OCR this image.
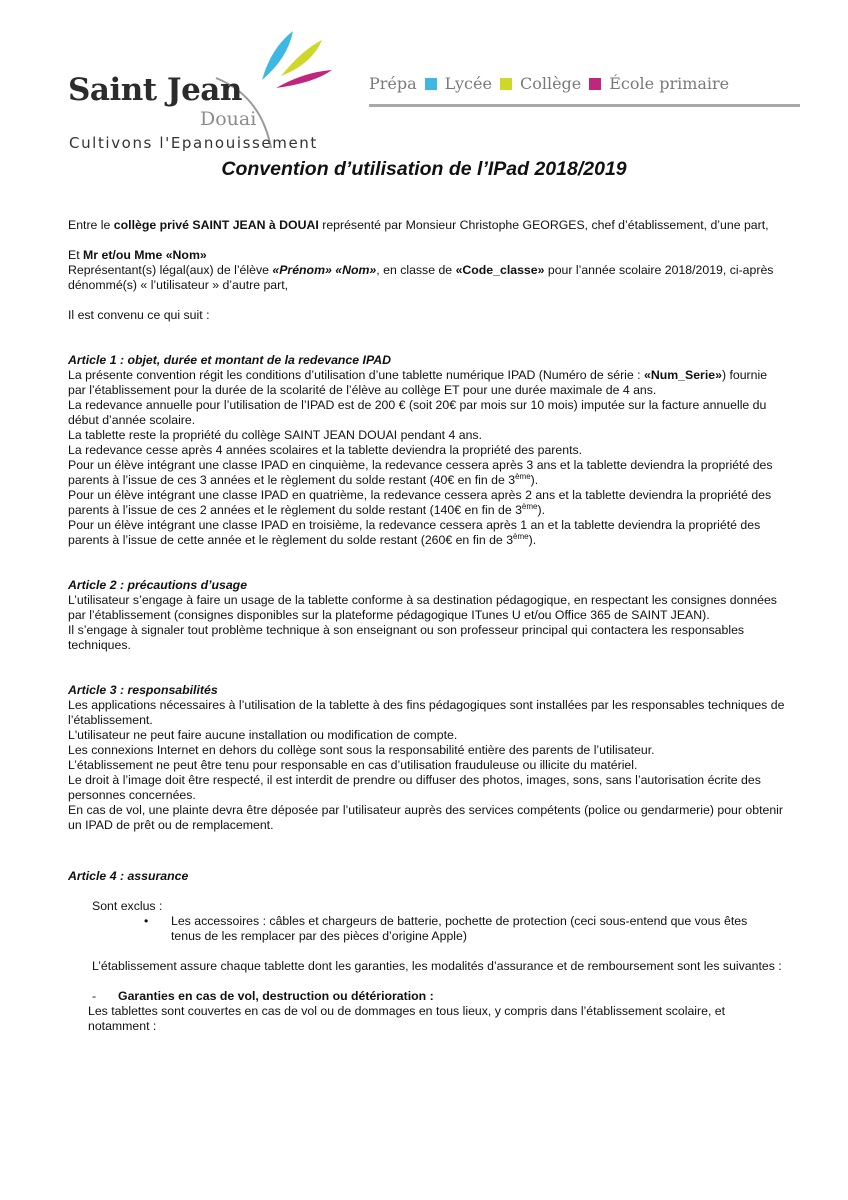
Saint Jean
Douai
Cultivons l'Epanouissement
Prépa Lycée Collège École primaire
Convention d’utilisation de l’IPad 2018/2019

Entre le collège privé SAINT JEAN à DOUAI représenté par Monsieur Christophe GEORGES, chef d’établissement, d’une part,

Et Mr et/ou Mme «Nom»

Représentant(s) légal(aux) de l’élève «Prénom» «Nom», en classe de «Code_classe» pour l’année scolaire 2018/2019, ci-après dénommé(s) « l’utilisateur » d’autre part,

Il est convenu ce qui suit :

Article 1 : objet, durée et montant de la redevance IPAD

La présente convention régit les conditions d’utilisation d’une tablette numérique IPAD (Numéro de série : «Num_Serie») fournie par l’établissement pour la durée de la scolarité de l’élève au collège ET pour une durée maximale de 4 ans.

La redevance annuelle pour l’utilisation de l’IPAD est de 200 € (soit 20€ par mois sur 10 mois) imputée sur la facture annuelle du début d’année scolaire.

La tablette reste la propriété du collège SAINT JEAN DOUAI pendant 4 ans.

La redevance cesse après 4 années scolaires et la tablette deviendra la propriété des parents.

Pour un élève intégrant une classe IPAD en cinquième, la redevance cessera après 3 ans et la tablette deviendra la propriété des parents à l’issue de ces 3 années et le règlement du solde restant (40€ en fin de 3ème).

Pour un élève intégrant une classe IPAD en quatrième, la redevance cessera après 2 ans et la tablette deviendra la propriété des parents à l’issue de ces 2 années et le règlement du solde restant (140€ en fin de 3ème).

Pour un élève intégrant une classe IPAD en troisième, la redevance cessera après 1 an et la tablette deviendra la propriété des parents à l’issue de cette année et le règlement du solde restant (260€ en fin de 3ème).

Article 2 : précautions d’usage

L’utilisateur s’engage à faire un usage de la tablette conforme à sa destination pédagogique, en respectant les consignes données par l’établissement (consignes disponibles sur la plateforme pédagogique ITunes U et/ou Office 365 de SAINT JEAN).

Il s’engage à signaler tout problème technique à son enseignant ou son professeur principal qui contactera les responsables techniques.

Article 3 : responsabilités

Les applications nécessaires à l’utilisation de la tablette à des fins pédagogiques sont installées par les responsables techniques de l’établissement.

L'utilisateur ne peut faire aucune installation ou modification de compte.

Les connexions Internet en dehors du collège sont sous la responsabilité entière des parents de l’utilisateur.

L’établissement ne peut être tenu pour responsable en cas d’utilisation frauduleuse ou illicite du matériel.

Le droit à l’image doit être respecté, il est interdit de prendre ou diffuser des photos, images, sons, sans l’autorisation écrite des personnes concernées.

En cas de vol, une plainte devra être déposée par l’utilisateur auprès des services compétents (police ou gendarmerie) pour obtenir un IPAD de prêt ou de remplacement.

Article 4 : assurance

Sont exclus :

•	Les accessoires : câbles et chargeurs de batterie, pochette de protection (ceci sous-entend que vous êtes tenus de les remplacer par des pièces d’origine Apple)

L’établissement assure chaque tablette dont les garanties, les modalités d’assurance et de remboursement sont les suivantes :

-	Garanties en cas de vol, destruction ou détérioration :

Les tablettes sont couvertes en cas de vol ou de dommages en tous lieux, y compris dans l’établissement scolaire, et notamment :
